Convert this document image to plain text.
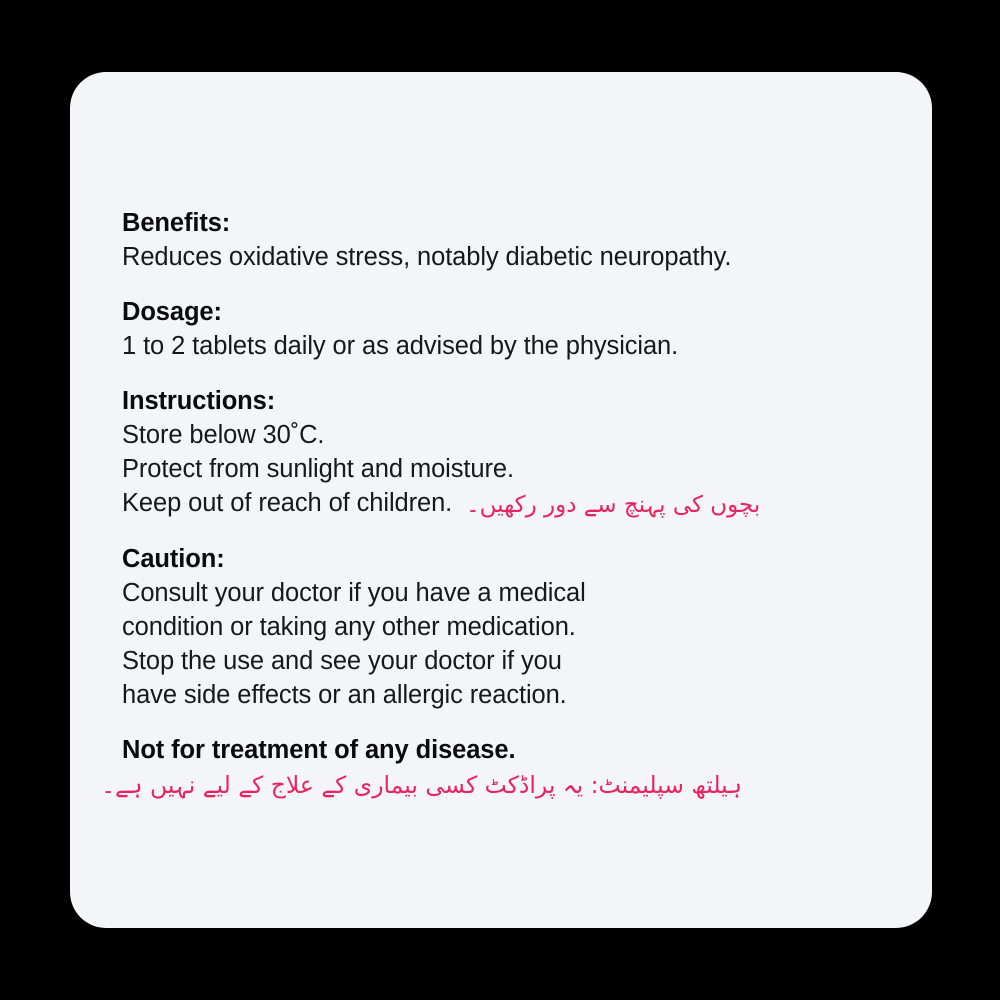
Benefits:
Reduces oxidative stress, notably diabetic neuropathy.
Dosage:
1 to 2 tablets daily or as advised by the physician.
Instructions:
Store below 30˚C.
Protect from sunlight and moisture.
Keep out of reach of children. بچوں کی پہنچ سے دور رکھیں۔
Caution:
Consult your doctor if you have a medical
condition or taking any other medication.
Stop the use and see your doctor if you
have side effects or an allergic reaction.
Not for treatment of any disease.
ہیلتھ سپلیمنٹ: یہ پراڈکٹ کسی بیماری کے علاج کے لیے نہیں ہے۔
